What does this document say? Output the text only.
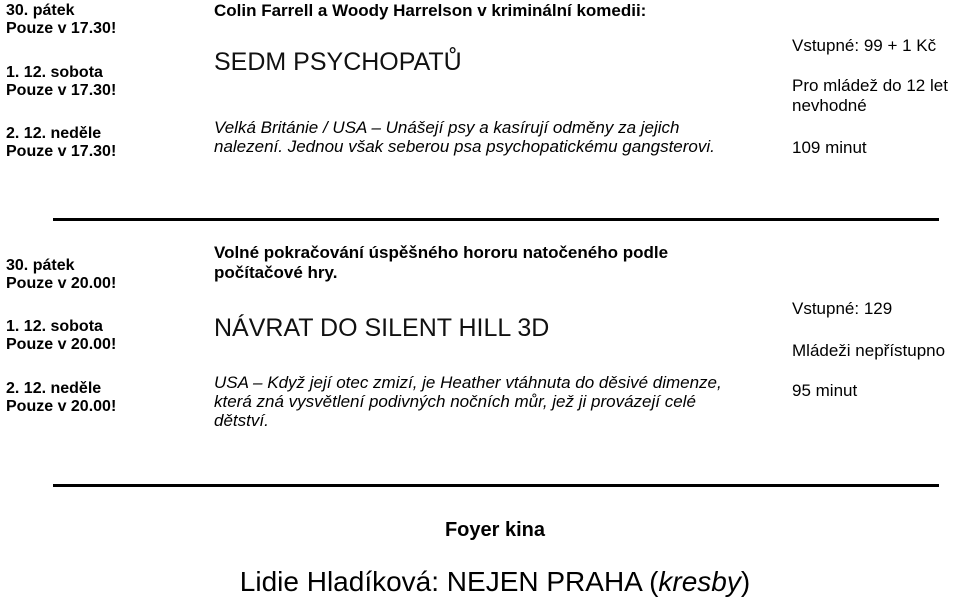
30. pátek
Pouze v 17.30!
1. 12. sobota
Pouze v 17.30!
2. 12. neděle
Pouze v 17.30!
Colin Farrell a Woody Harrelson v kriminální komedii:
SEDM PSYCHOPATŮ
Velká Británie / USA – Unášejí psy a kasírují odměny za jejich
nalezení. Jednou však seberou psa psychopatickému gangsterovi.
Vstupné: 99 + 1 Kč
Pro mládež do 12 let
nevhodné
109 minut
30. pátek
Pouze v 20.00!
1. 12. sobota
Pouze v 20.00!
2. 12. neděle
Pouze v 20.00!
Volné pokračování úspěšného hororu natočeného podle
počítačové hry.
NÁVRAT DO SILENT HILL 3D
USA – Když její otec zmizí, je Heather vtáhnuta do děsivé dimenze,
která zná vysvětlení podivných nočních můr, jež ji provázejí celé
dětství.
Vstupné: 129
Mládeži nepřístupno
95 minut
Foyer kina
Lidie Hladíková: NEJEN PRAHA (kresby)
